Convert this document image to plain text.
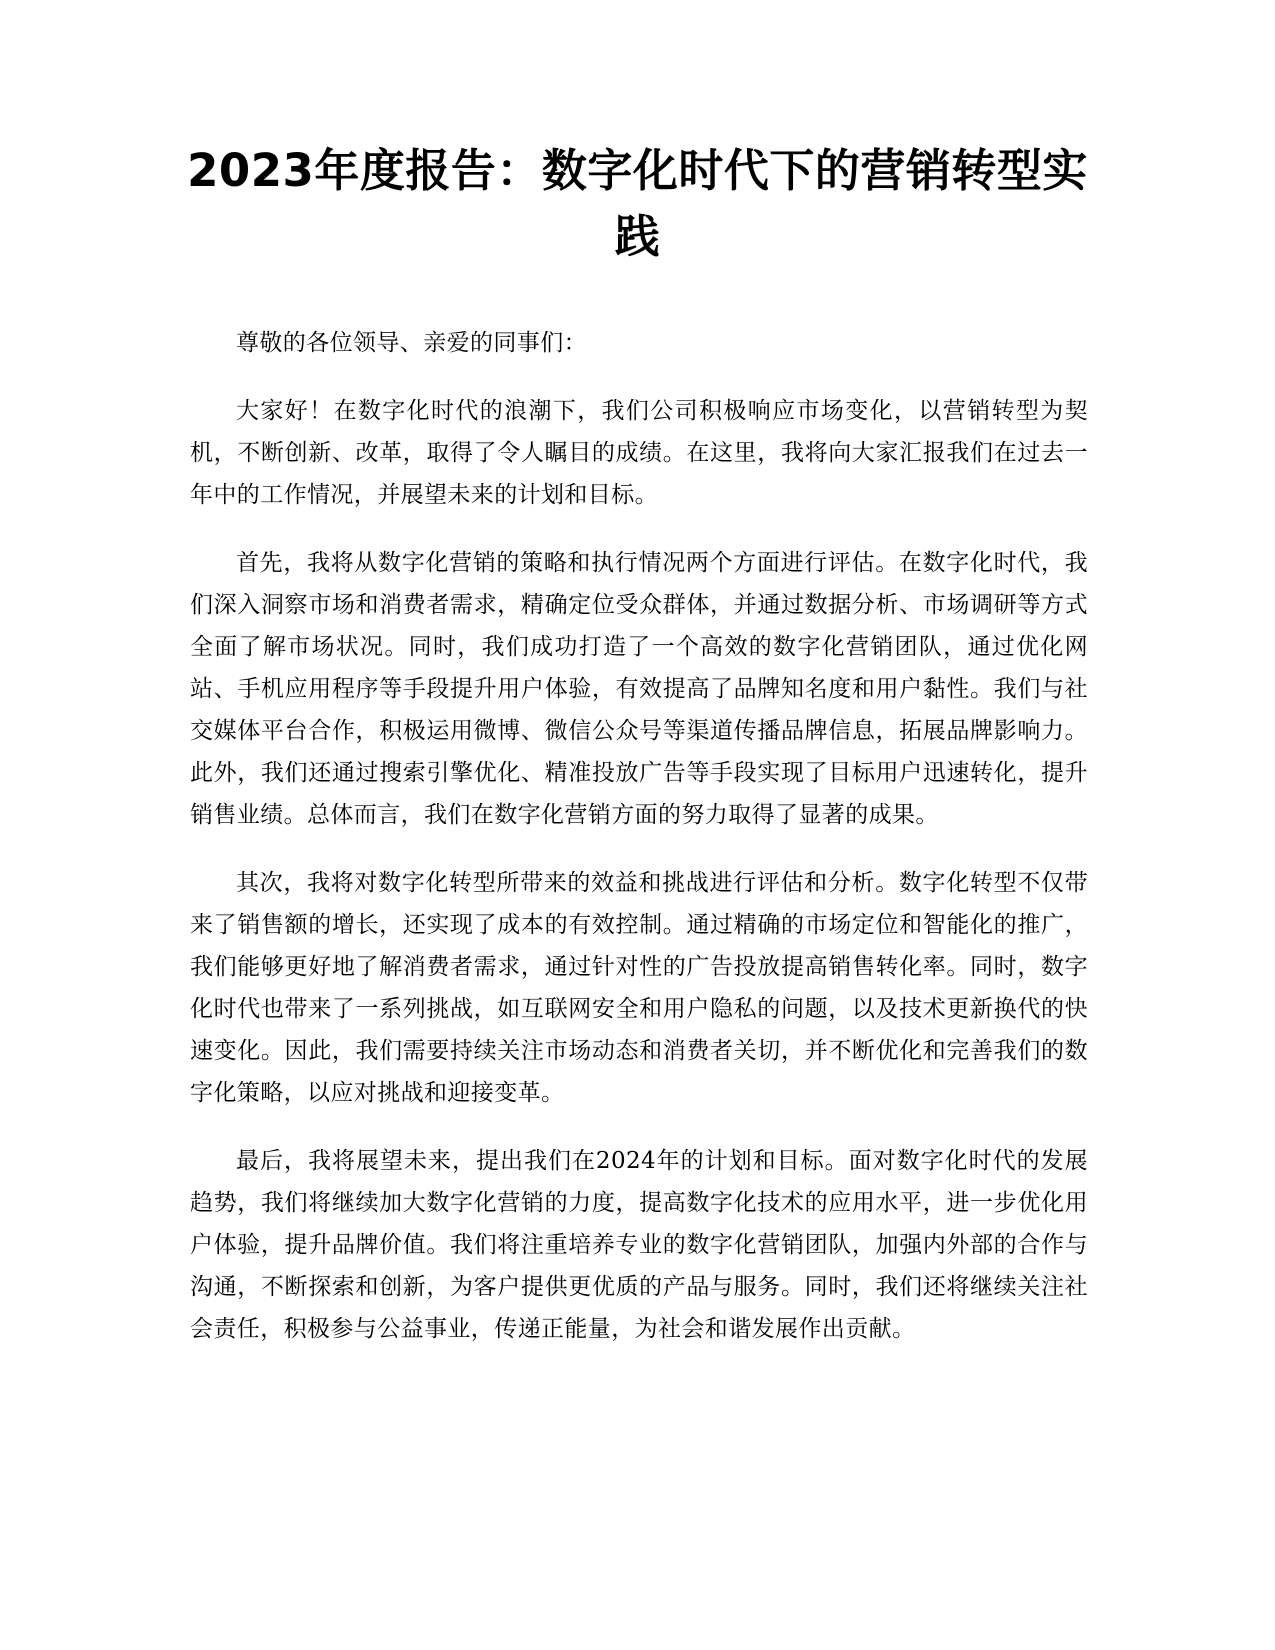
2023年度报告：数字化时代下的营销转型实践

尊敬的各位领导、亲爱的同事们：

大家好！在数字化时代的浪潮下，我们公司积极响应市场变化，以营销转型为契机，不断创新、改革，取得了令人瞩目的成绩。在这里，我将向大家汇报我们在过去一年中的工作情况，并展望未来的计划和目标。

首先，我将从数字化营销的策略和执行情况两个方面进行评估。在数字化时代，我们深入洞察市场和消费者需求，精确定位受众群体，并通过数据分析、市场调研等方式全面了解市场状况。同时，我们成功打造了一个高效的数字化营销团队，通过优化网站、手机应用程序等手段提升用户体验，有效提高了品牌知名度和用户黏性。我们与社交媒体平台合作，积极运用微博、微信公众号等渠道传播品牌信息，拓展品牌影响力。此外，我们还通过搜索引擎优化、精准投放广告等手段实现了目标用户迅速转化，提升销售业绩。总体而言，我们在数字化营销方面的努力取得了显著的成果。

其次，我将对数字化转型所带来的效益和挑战进行评估和分析。数字化转型不仅带来了销售额的增长，还实现了成本的有效控制。通过精确的市场定位和智能化的推广，我们能够更好地了解消费者需求，通过针对性的广告投放提高销售转化率。同时，数字化时代也带来了一系列挑战，如互联网安全和用户隐私的问题，以及技术更新换代的快速变化。因此，我们需要持续关注市场动态和消费者关切，并不断优化和完善我们的数字化策略，以应对挑战和迎接变革。

最后，我将展望未来，提出我们在2024年的计划和目标。面对数字化时代的发展趋势，我们将继续加大数字化营销的力度，提高数字化技术的应用水平，进一步优化用户体验，提升品牌价值。我们将注重培养专业的数字化营销团队，加强内外部的合作与沟通，不断探索和创新，为客户提供更优质的产品与服务。同时，我们还将继续关注社会责任，积极参与公益事业，传递正能量，为社会和谐发展作出贡献。
